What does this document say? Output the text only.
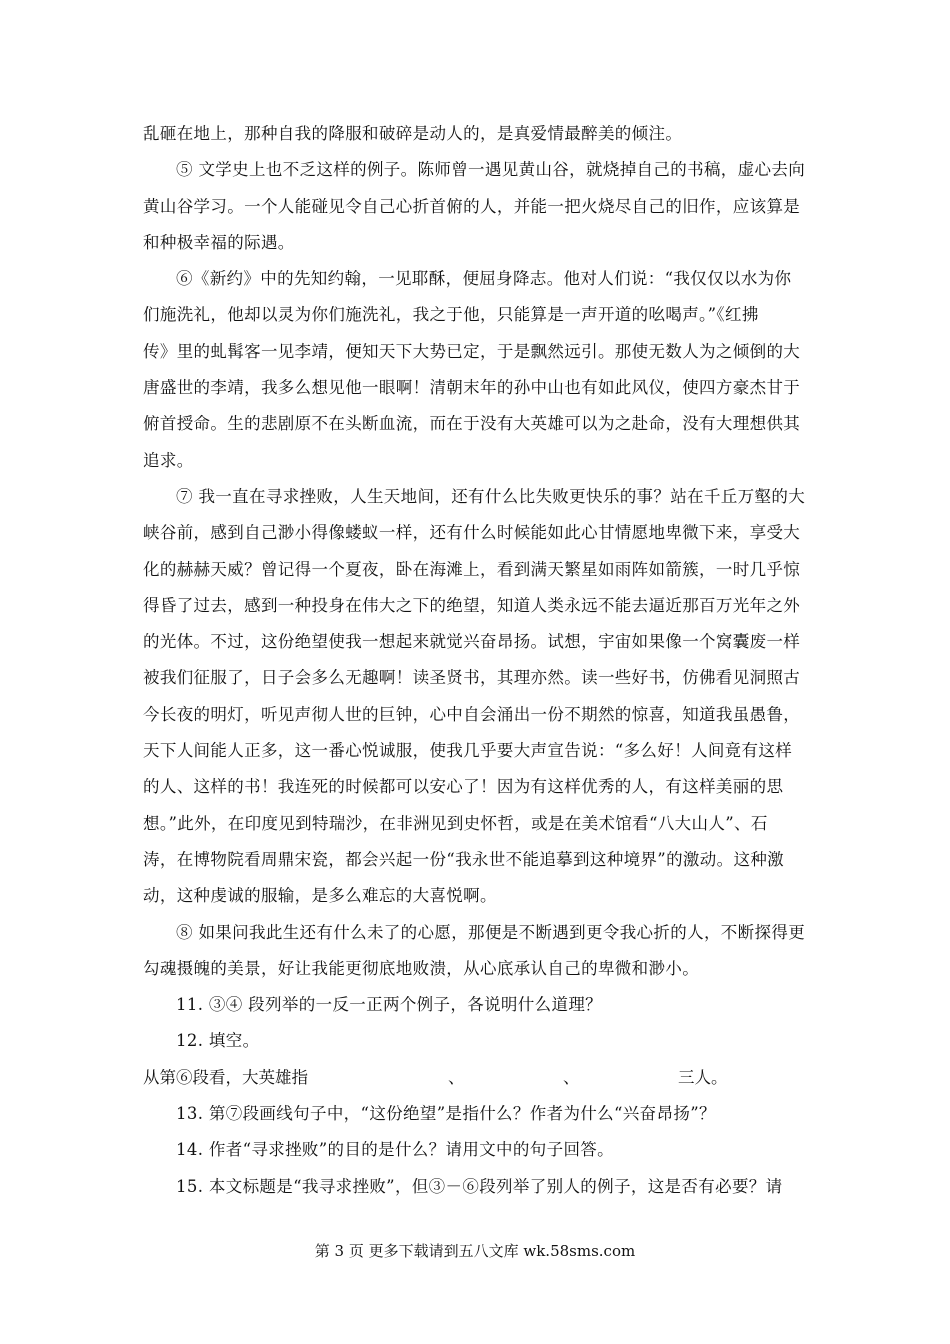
乱砸在地上，那种自我的降服和破碎是动人的，是真爱情最醉美的倾注。
⑤ 文学史上也不乏这样的例子。陈师曾一遇见黄山谷，就烧掉自己的书稿，虚心去向
黄山谷学习。一个人能碰见令自己心折首俯的人，并能一把火烧尽自己的旧作，应该算是
和种极幸福的际遇。
⑥《新约》中的先知约翰，一见耶酥，便屈身降志。他对人们说：“我仅仅以水为你
们施洗礼，他却以灵为你们施洗礼，我之于他，只能算是一声开道的吆喝声。”《红拂
传》里的虬髯客一见李靖，便知天下大势已定，于是飘然远引。那使无数人为之倾倒的大
唐盛世的李靖，我多么想见他一眼啊！清朝末年的孙中山也有如此风仪，使四方豪杰甘于
俯首授命。生的悲剧原不在头断血流，而在于没有大英雄可以为之赴命，没有大理想供其
追求。
⑦ 我一直在寻求挫败，人生天地间，还有什么比失败更快乐的事？站在千丘万壑的大
峡谷前，感到自己渺小得像蝼蚁一样，还有什么时候能如此心甘情愿地卑微下来，享受大
化的赫赫天威？曾记得一个夏夜，卧在海滩上，看到满天繁星如雨阵如箭簇，一时几乎惊
得昏了过去，感到一种投身在伟大之下的绝望，知道人类永远不能去逼近那百万光年之外
的光体。不过，这份绝望使我一想起来就觉兴奋昂扬。试想，宇宙如果像一个窝囊废一样
被我们征服了，日子会多么无趣啊！读圣贤书，其理亦然。读一些好书，仿佛看见洞照古
今长夜的明灯，听见声彻人世的巨钟，心中自会涌出一份不期然的惊喜，知道我虽愚鲁，
天下人间能人正多，这一番心悦诚服，使我几乎要大声宣告说：“多么好！人间竟有这样
的人、这样的书！我连死的时候都可以安心了！因为有这样优秀的人，有这样美丽的思
想。”此外，在印度见到特瑞沙，在非洲见到史怀哲，或是在美术馆看“八大山人”、石
涛，在博物院看周鼎宋瓷，都会兴起一份“我永世不能追摹到这种境界”的激动。这种激
动，这种虔诚的服输，是多么难忘的大喜悦啊。
⑧ 如果问我此生还有什么未了的心愿，那便是不断遇到更令我心折的人，不断探得更
勾魂摄魄的美景，好让我能更彻底地败溃，从心底承认自己的卑微和渺小。
11. ③④ 段列举的一反一正两个例子，各说明什么道理？
12. 填空。
从第⑥段看，大英雄指	、	、	三人。
13. 第⑦段画线句子中，“这份绝望”是指什么？作者为什么“兴奋昂扬”？
14. 作者“寻求挫败”的目的是什么？请用文中的句子回答。
15. 本文标题是“我寻求挫败”，但③－⑥段列举了别人的例子，这是否有必要？请
第 3 页 更多下载请到五八文库 wk.58sms.com
